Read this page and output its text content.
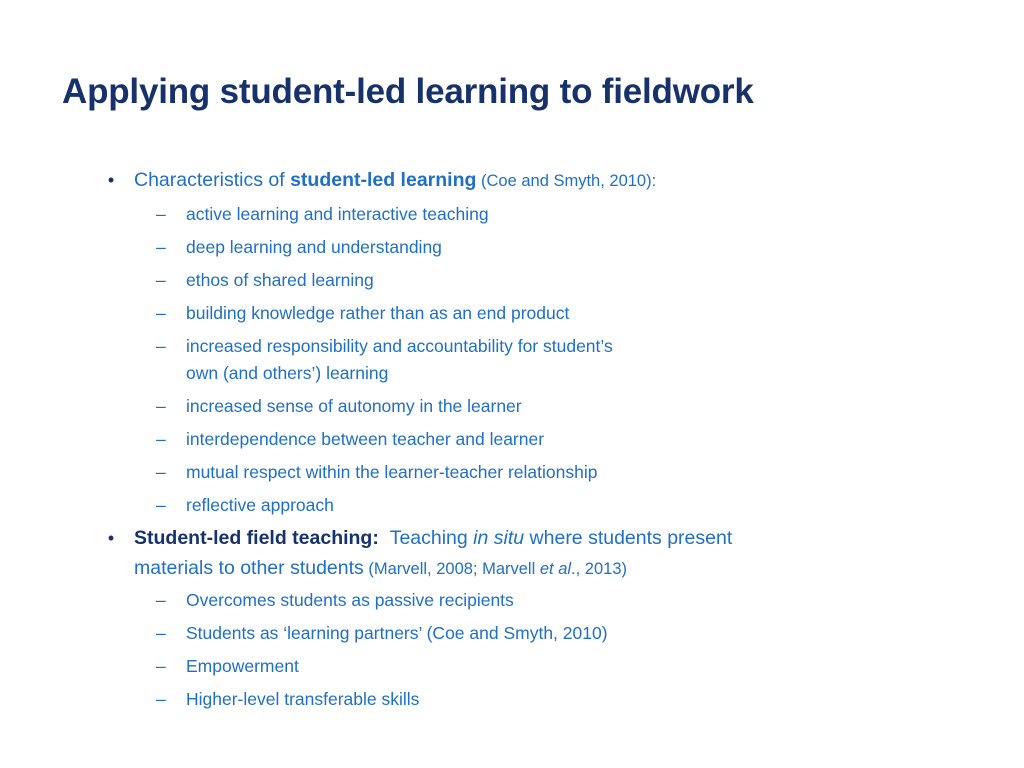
Applying student-led learning to fieldwork
• Characteristics of student-led learning (Coe and Smyth, 2010):
– active learning and interactive teaching
– deep learning and understanding
– ethos of shared learning
– building knowledge rather than as an end product
– increased responsibility and accountability for student’s
own (and others’) learning
– increased sense of autonomy in the learner
– interdependence between teacher and learner
– mutual respect within the learner-teacher relationship
– reflective approach
• Student-led field teaching: Teaching in situ where students present
materials to other students (Marvell, 2008; Marvell et al., 2013)
– Overcomes students as passive recipients
– Students as ‘learning partners’ (Coe and Smyth, 2010)
– Empowerment
– Higher-level transferable skills
